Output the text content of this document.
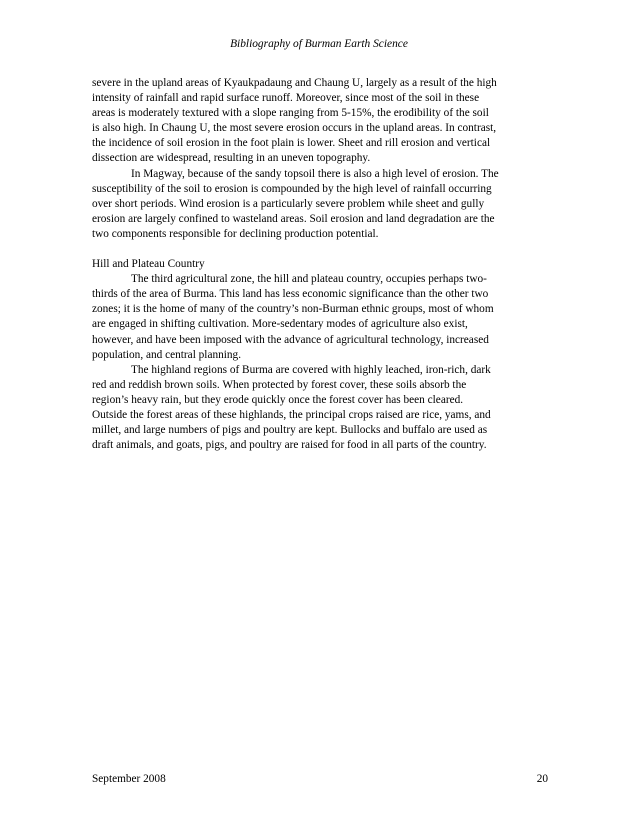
Bibliography of Burman Earth Science
severe in the upland areas of Kyaukpadaung and Chaung U, largely as a result of the high
intensity of rainfall and rapid surface runoff. Moreover, since most of the soil in these
areas is moderately textured with a slope ranging from 5-15%, the erodibility of the soil
is also high. In Chaung U, the most severe erosion occurs in the upland areas. In contrast,
the incidence of soil erosion in the foot plain is lower. Sheet and rill erosion and vertical
dissection are widespread, resulting in an uneven topography.
In Magway, because of the sandy topsoil there is also a high level of erosion. The
susceptibility of the soil to erosion is compounded by the high level of rainfall occurring
over short periods. Wind erosion is a particularly severe problem while sheet and gully
erosion are largely confined to wasteland areas. Soil erosion and land degradation are the
two components responsible for declining production potential.
Hill and Plateau Country
The third agricultural zone, the hill and plateau country, occupies perhaps two-
thirds of the area of Burma. This land has less economic significance than the other two
zones; it is the home of many of the country’s non-Burman ethnic groups, most of whom
are engaged in shifting cultivation. More-sedentary modes of agriculture also exist,
however, and have been imposed with the advance of agricultural technology, increased
population, and central planning.
The highland regions of Burma are covered with highly leached, iron-rich, dark
red and reddish brown soils. When protected by forest cover, these soils absorb the
region’s heavy rain, but they erode quickly once the forest cover has been cleared.
Outside the forest areas of these highlands, the principal crops raised are rice, yams, and
millet, and large numbers of pigs and poultry are kept. Bullocks and buffalo are used as
draft animals, and goats, pigs, and poultry are raised for food in all parts of the country.
September 2008	20
